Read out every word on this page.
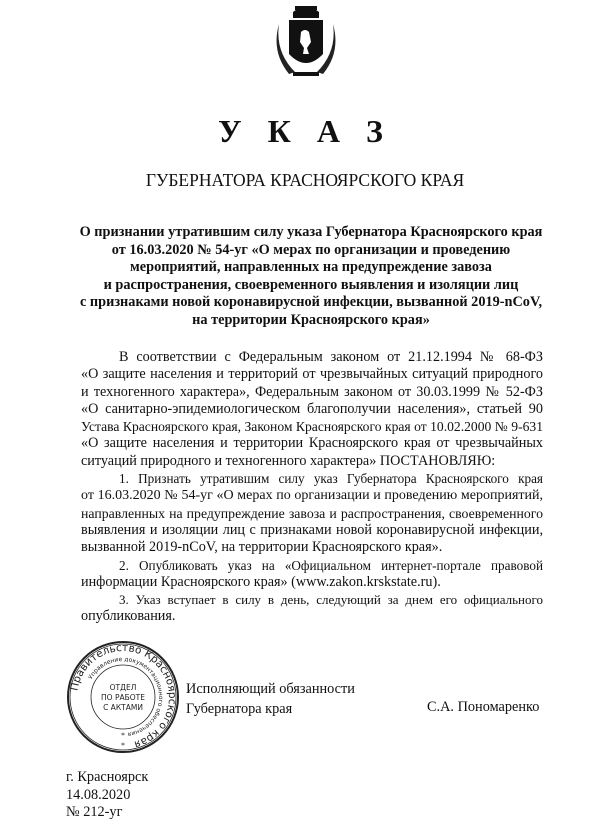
У К А З
ГУБЕРНАТОРА КРАСНОЯРСКОГО КРАЯ
О признании утратившим силу указа Губернатора Красноярского края
от 16.03.2020 № 54-уг «О мерах по организации и проведению
мероприятий, направленных на предупреждение завоза
и распространения, своевременного выявления и изоляции лиц
с признаками новой коронавирусной инфекции, вызванной 2019-nCoV,
на территории Красноярского края»
В соответствии с Федеральным законом от 21.12.1994 № 68-ФЗ
«О защите населения и территорий от чрезвычайных ситуаций природного
и техногенного характера», Федеральным законом от 30.03.1999 № 52-ФЗ
«О санитарно-эпидемиологическом благополучии населения», статьей 90
Устава Красноярского края, Законом Красноярского края от 10.02.2000 № 9-631
«О защите населения и территории Красноярского края от чрезвычайных
ситуаций природного и техногенного характера» ПОСТАНОВЛЯЮ:
1. Признать утратившим силу указ Губернатора Красноярского края
от 16.03.2020 № 54-уг «О мерах по организации и проведению мероприятий,
направленных на предупреждение завоза и распространения, своевременного
выявления и изоляции лиц с признаками новой коронавирусной инфекции,
вызванной 2019-nCoV, на территории Красноярского края».
2. Опубликовать указ на «Официальном интернет-портале правовой
информации Красноярского края» (www.zakon.krskstate.ru).
3. Указ вступает в силу в день, следующий за днем его официального
опубликования.
Правительство Красноярского края
Управление документационного обеспечения
ОТДЕЛ
ПО РАБОТЕ
С АКТАМИ
*
*
Исполняющий обязанности
Губернатора края	С.А. Пономаренко
г. Красноярск
14.08.2020
№ 212-уг
